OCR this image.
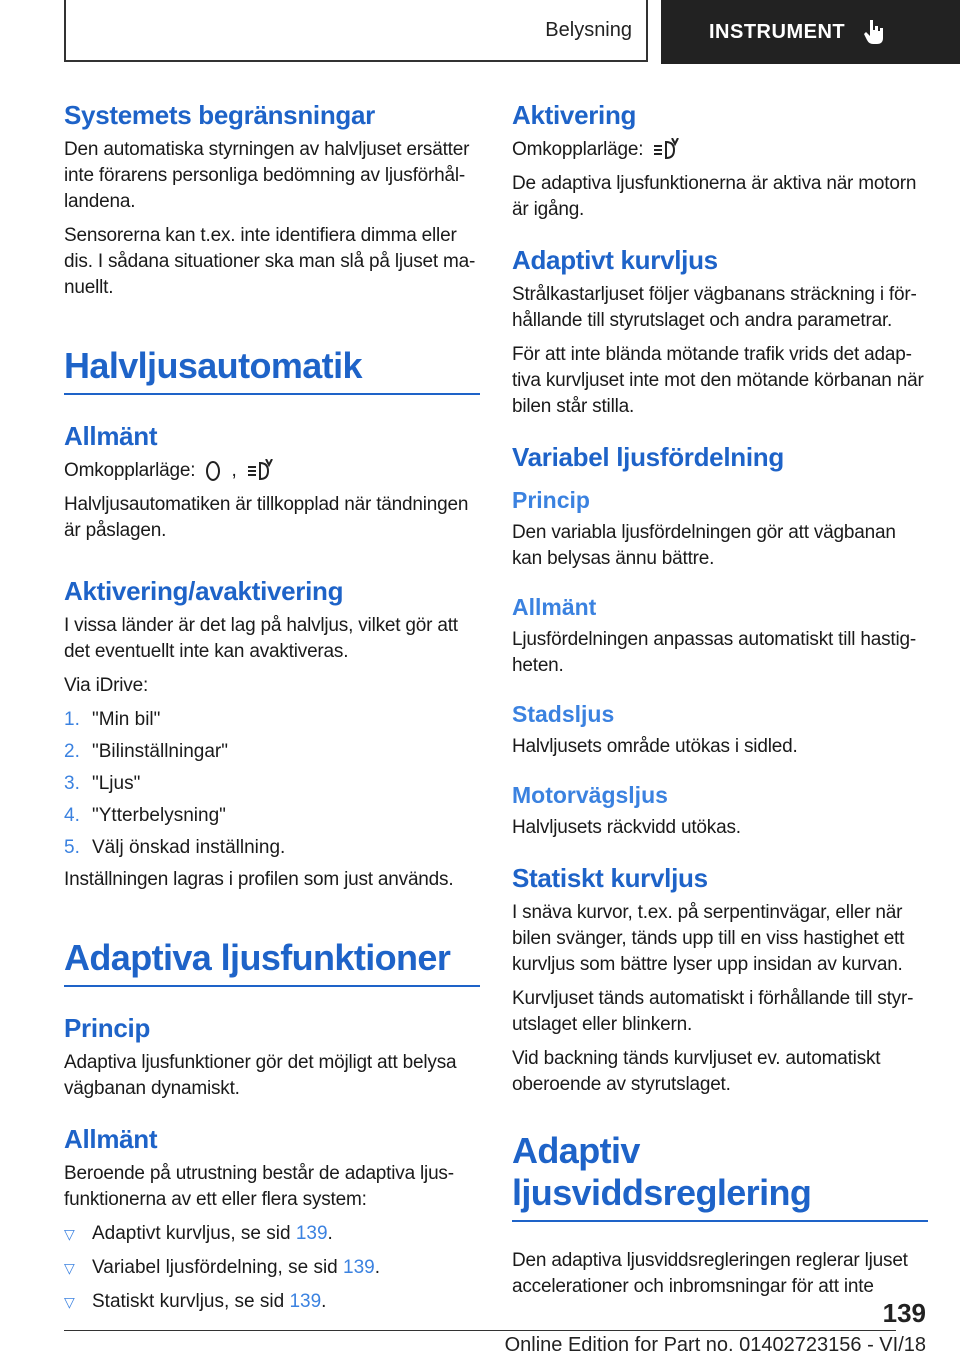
Belysning	INSTRUMENT
Systemets begränsningar

Den automatiska styrningen av halvljuset ersätter inte förarens personliga bedömning av ljusförhål-landena.

Sensorerna kan t.ex. inte identifiera dimma eller dis. I sådana situationer ska man slå på ljuset ma-nuellt.

Halvljusautomatik
Allmänt

Omkopplarläge: ,

Halvljusautomatiken är tillkopplad när tändningen är påslagen.

Aktivering/avaktivering

I vissa länder är det lag på halvljus, vilket gör att det eventuellt inte kan avaktiveras.

Via iDrive:

1. "Min bil"
2. "Bilinställningar"
3. "Ljus"
4. "Ytterbelysning"
5. Välj önskad inställning.

Inställningen lagras i profilen som just används.

Adaptiva ljusfunktioner
Princip

Adaptiva ljusfunktioner gör det möjligt att belysa vägbanan dynamiskt.

Allmänt

Beroende på utrustning består de adaptiva ljus-funktionerna av ett eller flera system:

▽ Adaptivt kurvljus, se sid 139.
▽ Variabel ljusfördelning, se sid 139.
▽ Statiskt kurvljus, se sid 139.
Aktivering

Omkopplarläge:

De adaptiva ljusfunktionerna är aktiva när motorn är igång.

Adaptivt kurvljus

Strålkastarljuset följer vägbanans sträckning i för-hållande till styrutslaget och andra parametrar.

För att inte blända mötande trafik vrids det adap-tiva kurvljuset inte mot den mötande körbanan när bilen står stilla.

Variabel ljusfördelning
Princip

Den variabla ljusfördelningen gör att vägbanan kan belysas ännu bättre.

Allmänt

Ljusfördelningen anpassas automatiskt till hastig-heten.

Stadsljus

Halvljusets område utökas i sidled.

Motorvägsljus

Halvljusets räckvidd utökas.

Statiskt kurvljus

I snäva kurvor, t.ex. på serpentinvägar, eller när bilen svänger, tänds upp till en viss hastighet ett kurvljus som bättre lyser upp insidan av kurvan.

Kurvljuset tänds automatiskt i förhållande till styr-utslaget eller blinkern.

Vid backning tänds kurvljuset ev. automatiskt oberoende av styrutslaget.

Adaptiv ljusviddsreglering

Den adaptiva ljusviddsregleringen reglerar ljuset accelerationer och inbromsningar för att inte

139
Online Edition for Part no. 01402723156 - VI/18
